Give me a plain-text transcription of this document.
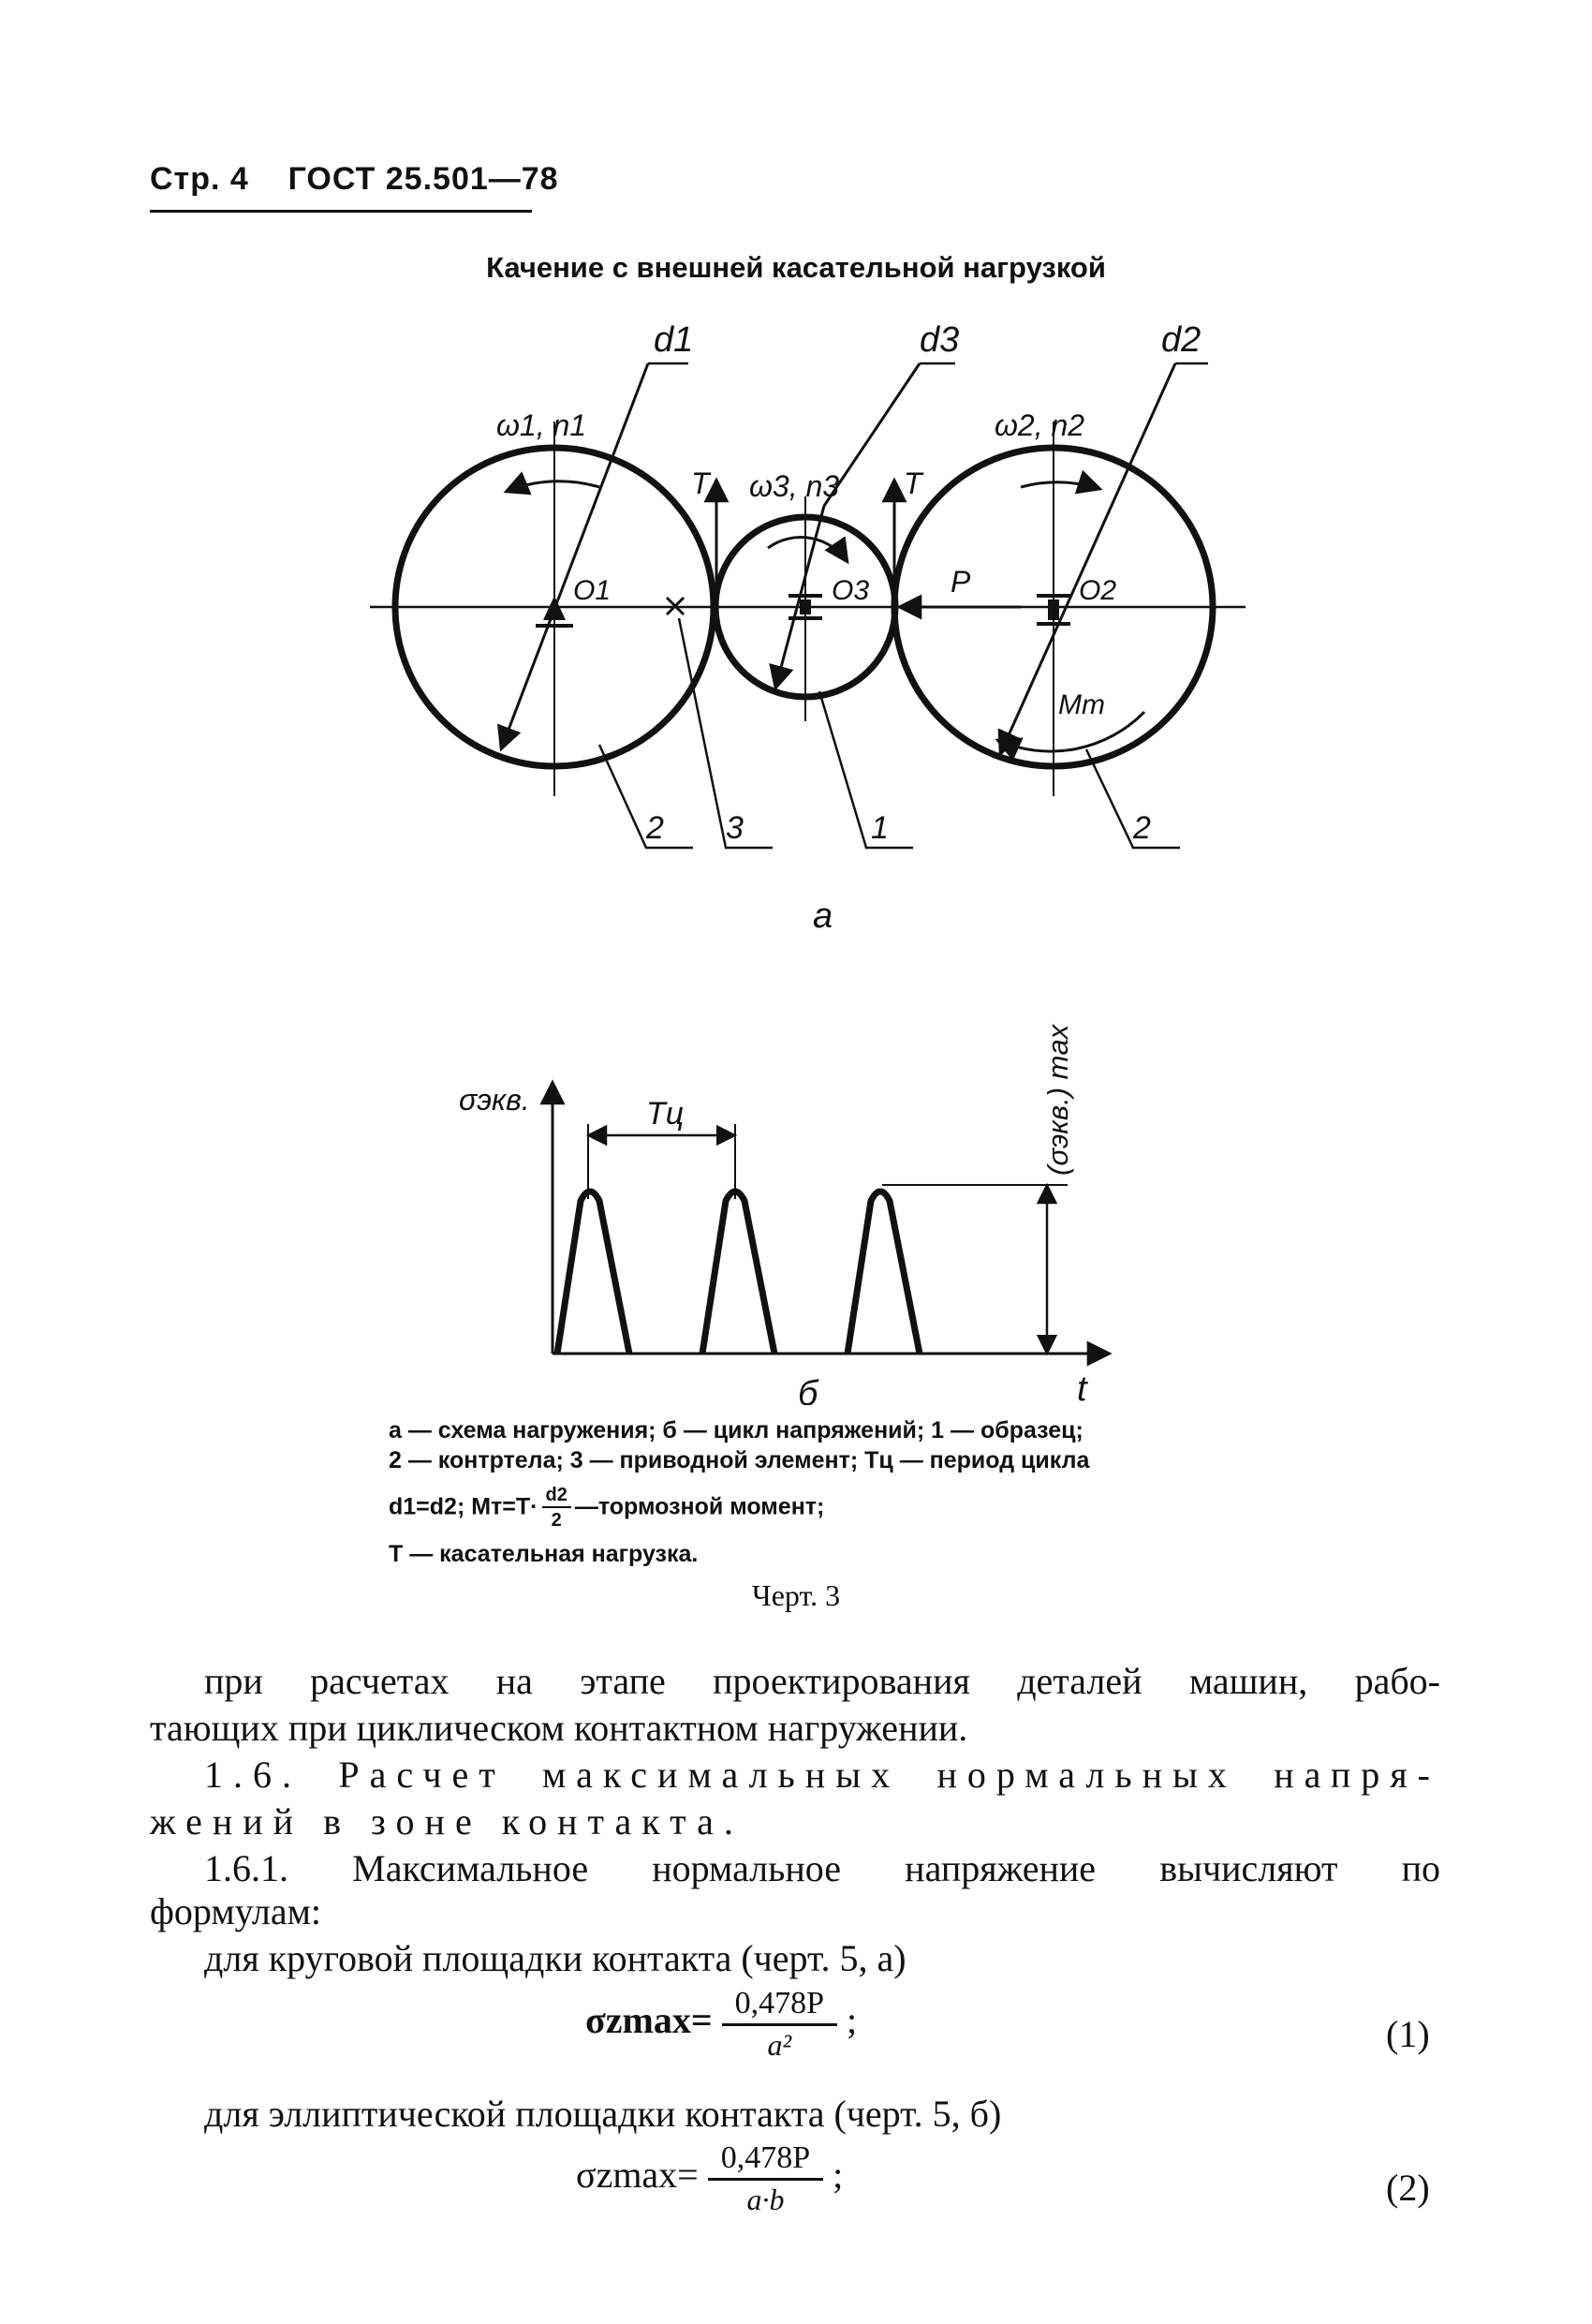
Стр. 4 ГОСТ 25.501—78
Качение с внешней касательной нагрузкой
d1	d3	d2
ω1, n1	ω2, n2
ω3, n3
T	T
O1	O3	O2
P
Mт
2 3	1	2
а
σэкв.	Tц
t
б
(σэкв.) max
а — схема нагружения; б — цикл напряжений; 1 — образец;
2 — контртела; 3 — приводной элемент; Tц — период цикла
d1=d2; $Mт=T\cdot \frac{d2}{2}$ —тормозной момент;
T — касательная нагрузка.
Черт. 3
при расчетах на этапе проектирования деталей машин, рабо-
тающих при циклическом контактном нагружении.
1.6. Расчет максимальных нормальных напря-
жений в зоне контакта.
1.6.1. Максимальное нормальное напряжение вычисляют по
формулам:
для круговой площадки контакта (черт. 5, а)
$\sigma zmax= \frac{0,478P}{\text{a²}}$ ;	(1)
для эллиптической площадки контакта (черт. 5, б)
$\sigma zmax= \frac{0,478P}{a\cdot b}$ ;	(2)
